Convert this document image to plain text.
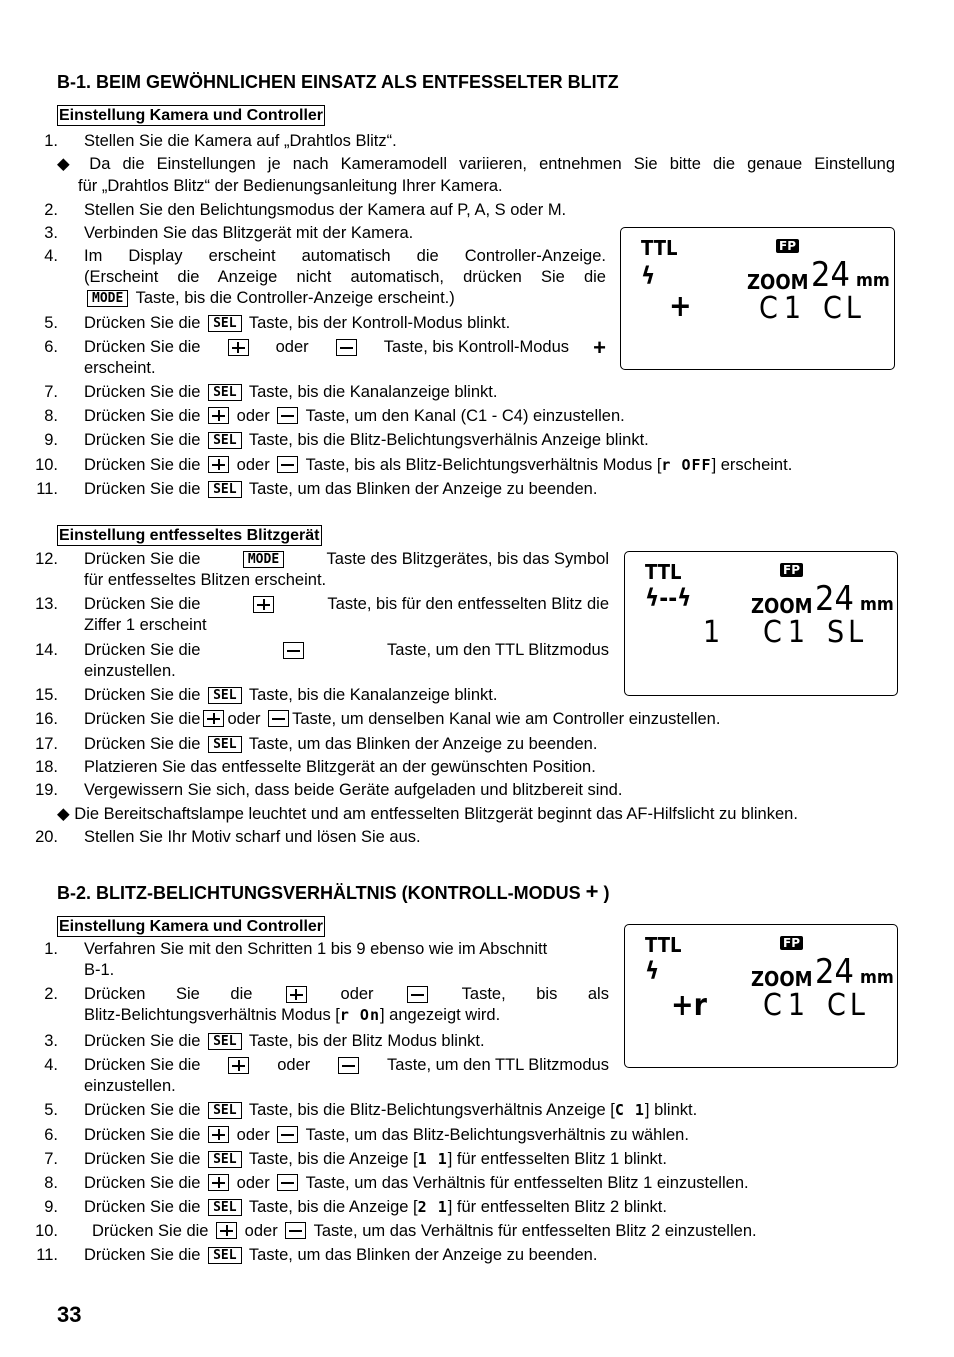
B-1. BEIM GEWÖHNLICHEN EINSATZ ALS ENTFESSELTER BLITZ
Einstellung Kamera und Controller
1. Stellen Sie die Kamera auf „Drahtlos Blitz“.
◆ Da die Einstellungen je nach Kameramodell variieren, entnehmen Sie bitte die genaue Einstellung
für „Drahtlos Blitz“ der Bedienungsanleitung Ihrer Kamera.
2. Stellen Sie den Belichtungsmodus der Kamera auf P, A, S oder M.
3. Verbinden Sie das Blitzgerät mit der Kamera.
4. Im Display erscheint automatisch die Controller-Anzeige.
(Erscheint die Anzeige nicht automatisch, drücken Sie die
MODE Taste, bis die Controller-Anzeige erscheint.)
5. Drücken Sie die SEL Taste, bis der Kontroll-Modus blinkt.
6. Drücken Sie die	oder	Taste, bis Kontroll-Modus +
erscheint.
7. Drücken Sie die SEL Taste, bis die Kanalanzeige blinkt.
8. Drücken Sie die oder Taste, um den Kanal (C1 - C4) einzustellen.
9. Drücken Sie die SEL Taste, bis die Blitz-Belichtungsverhälnis Anzeige blinkt.
10. Drücken Sie die oder Taste, bis als Blitz-Belichtungsverhältnis Modus [r OFF] erscheint.
11. Drücken Sie die SEL Taste, um das Blinken der Anzeige zu beenden.
TTL	FP
ϟ	ZOOM 24 mm
+ C1 CL
Einstellung entfesseltes Blitzgerät
12. Drücken Sie die	MODE	Taste des Blitzgerätes, bis das Symbol
für entfesseltes Blitzen erscheint.
13. Drücken Sie die	Taste, bis für den entfesselten Blitz die
Ziffer 1 erscheint
14. Drücken Sie die	Taste, um den TTL Blitzmodus
einzustellen.
15. Drücken Sie die SEL Taste, bis die Kanalanzeige blinkt.
16. Drücken Sie die oder Taste, um denselben Kanal wie am Controller einzustellen.
17. Drücken Sie die SEL Taste, um das Blinken der Anzeige zu beenden.
18. Platzieren Sie das entfesselte Blitzgerät an der gewünschten Position.
19. Vergewissern Sie sich, dass beide Geräte aufgeladen und blitzbereit sind.
◆ Die Bereitschaftslampe leuchtet und am entfesselten Blitzgerät beginnt das AF-Hilfslicht zu blinken.
20. Stellen Sie Ihr Motiv scharf und lösen Sie aus.
TTL	FP
ϟ--ϟ	ZOOM 24 mm
1 C1 SL
B-2. BLITZ-BELICHTUNGSVERHÄLTNIS (KONTROLL-MODUS + )
Einstellung Kamera und Controller
1. Verfahren Sie mit den Schritten 1 bis 9 ebenso wie im Abschnitt
B-1.
2. Drücken Sie die	oder	Taste, bis als
Blitz-Belichtungsverhältnis Modus [r On] angezeigt wird.
3. Drücken Sie die SEL Taste, bis der Blitz Modus blinkt.
4. Drücken Sie die	oder	Taste, um den TTL Blitzmodus
einzustellen.
5. Drücken Sie die SEL Taste, bis die Blitz-Belichtungsverhältnis Anzeige [C 1] blinkt.
6. Drücken Sie die oder Taste, um das Blitz-Belichtungsverhältnis zu wählen.
7. Drücken Sie die SEL Taste, bis die Anzeige [1 1] für entfesselten Blitz 1 blinkt.
8. Drücken Sie die oder Taste, um das Verhältnis für entfesselten Blitz 1 einzustellen.
9. Drücken Sie die SEL Taste, bis die Anzeige [2 1] für entfesselten Blitz 2 blinkt.
10. Drücken Sie die oder Taste, um das Verhältnis für entfesselten Blitz 2 einzustellen.
11. Drücken Sie die SEL Taste, um das Blinken der Anzeige zu beenden.
TTL	FP
ϟ	ZOOM 24 mm
+r C1 CL
33
